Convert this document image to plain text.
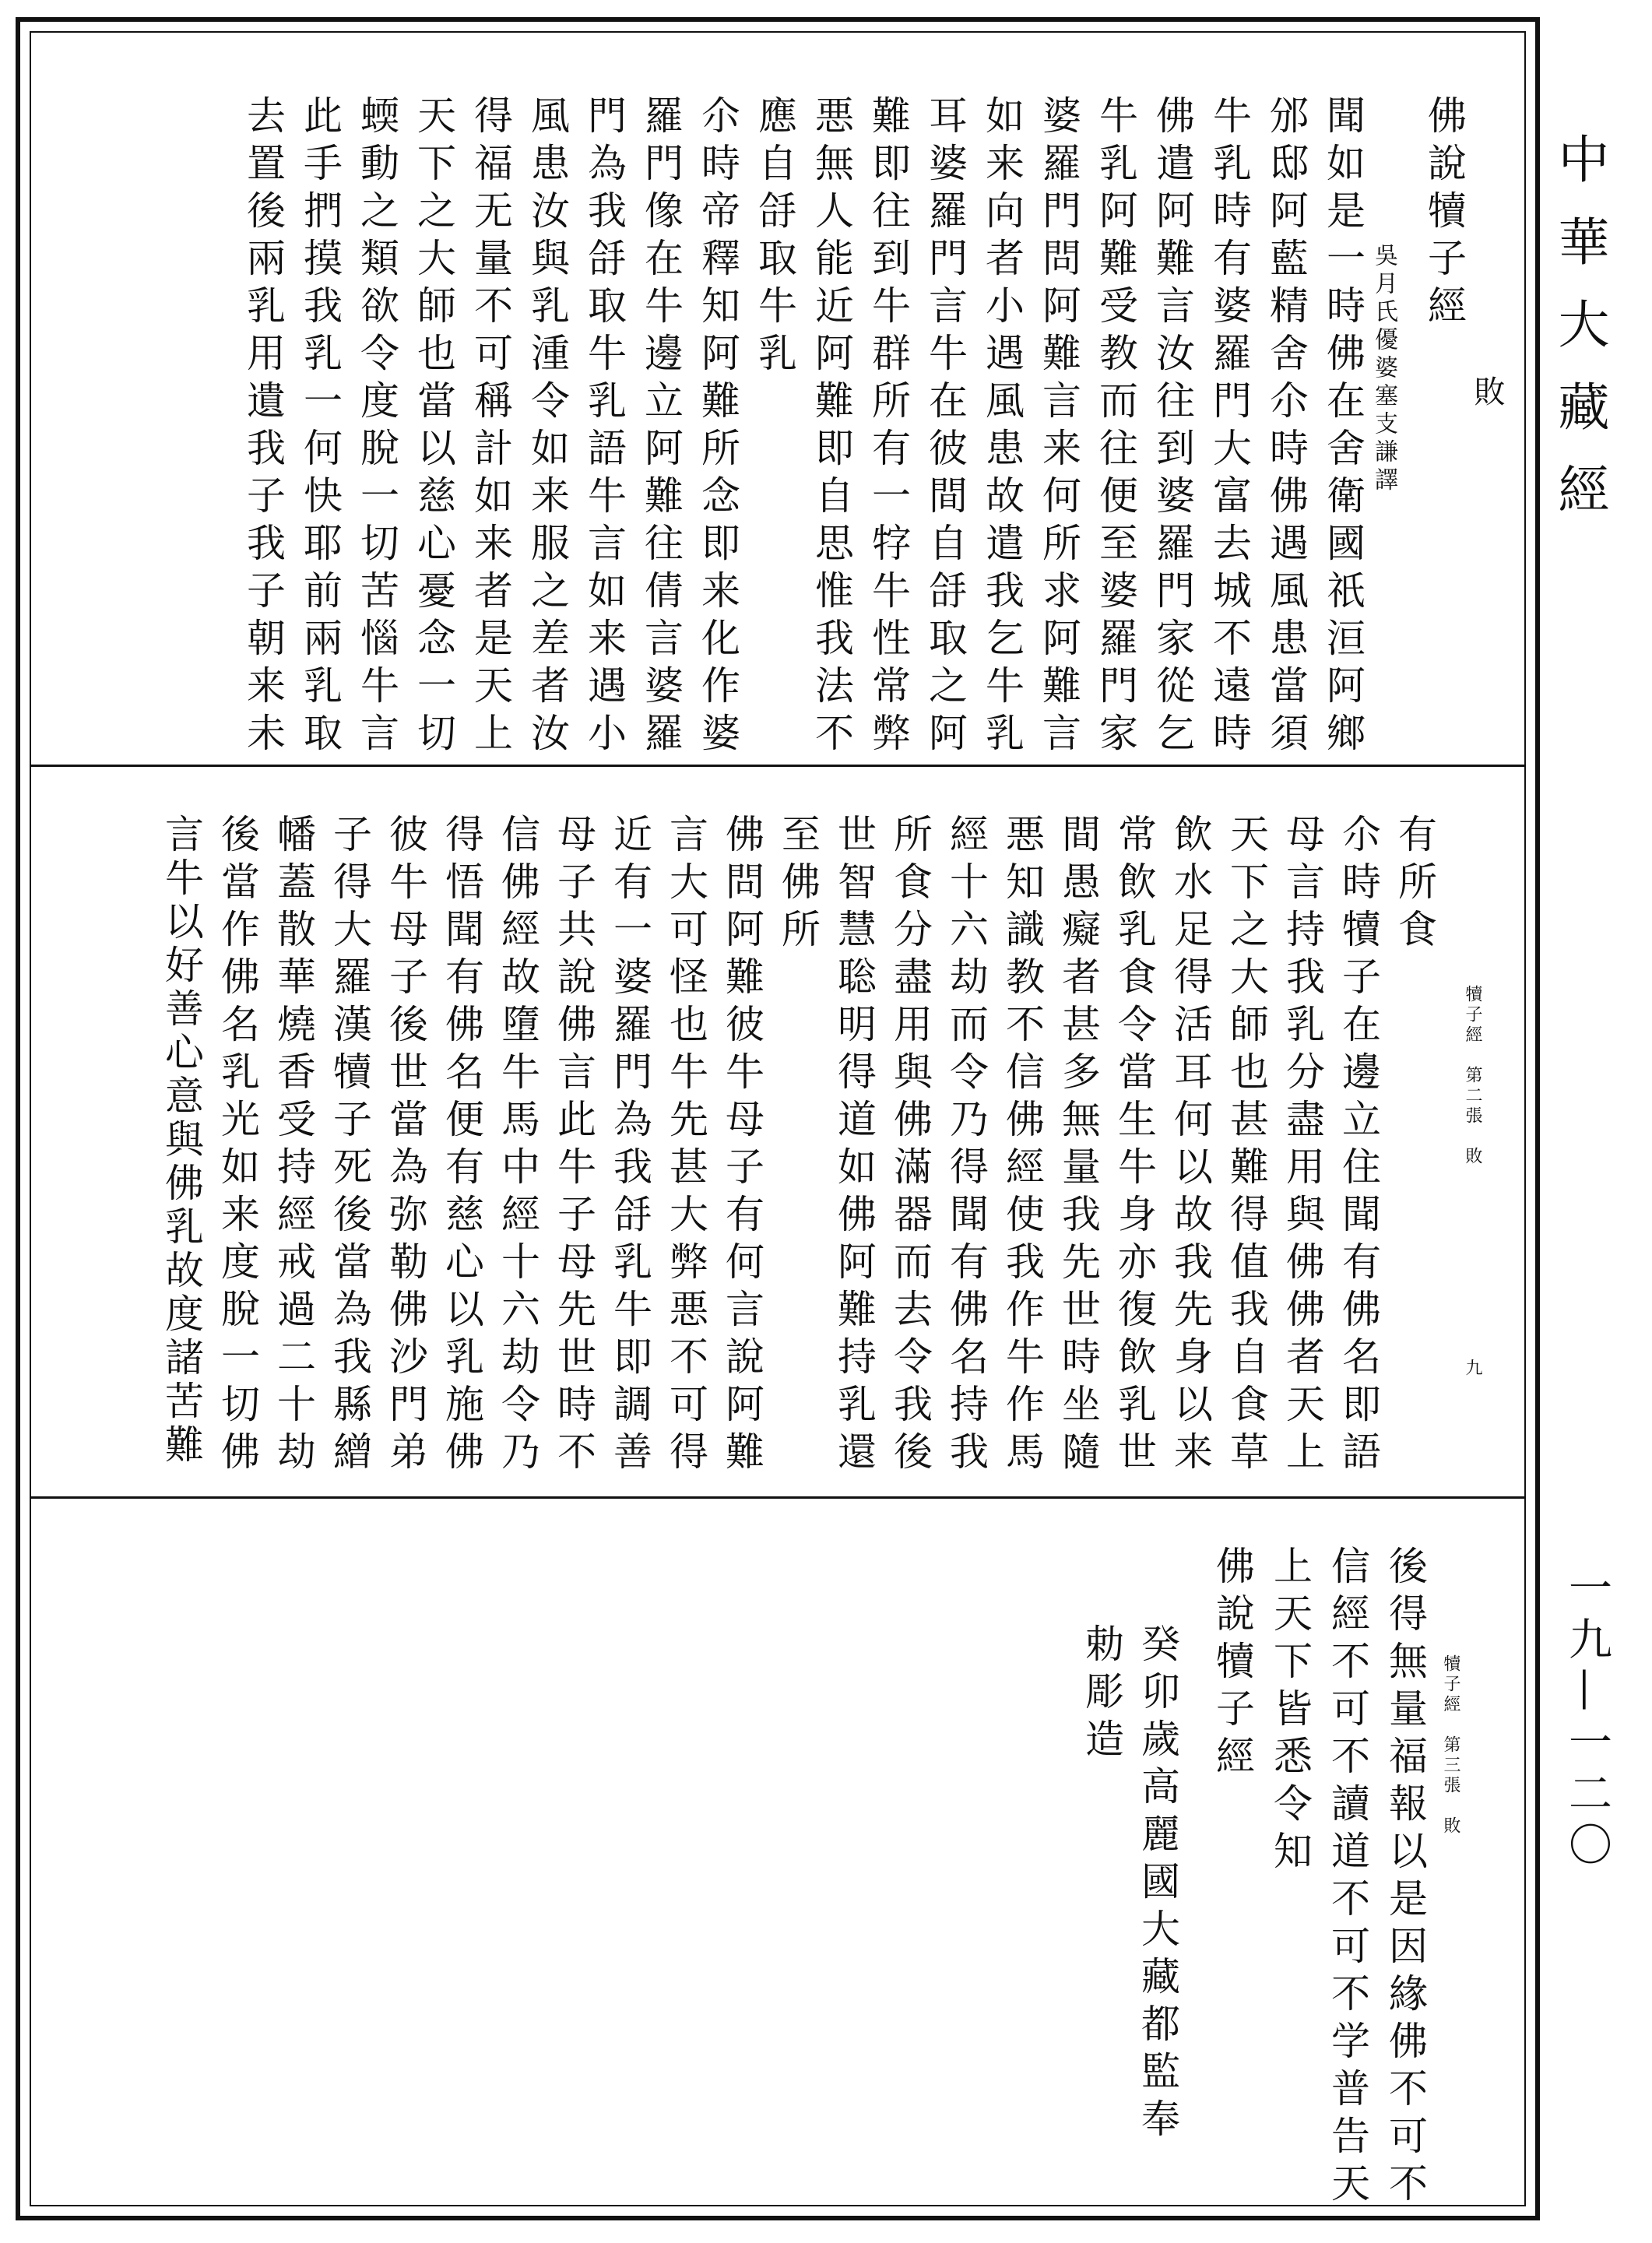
敗
佛說犢子經
吳月氏優婆塞支謙譯
聞如是一時佛在舍衛國祇洹阿鄉
邠邸阿藍精舍尒時佛遇風患當須
牛乳時有婆羅門大富去城不遠時
佛遣阿難言汝往到婆羅門家從乞
牛乳阿難受教而往便至婆羅門家
婆羅門問阿難言来何所求阿難言
如来向者小遇風患故遣我乞牛乳
耳婆羅門言牛在彼間自㧱取之阿
難即往到牛群所有一牸牛性常弊
悪無人能近阿難即自思惟我法不
應自㧱取牛乳
尒時帝釋知阿難所念即来化作婆
羅門像在牛邊立阿難往倩言婆羅
門為我㧱取牛乳語牛言如来遇小
風患汝與乳湩令如来服之差者汝
得福无量不可稱計如来者是天上
天下之大師也當以慈心憂念一切
蝡動之類欲令度脫一切苦惱牛言
此手捫摸我乳一何快耶前兩乳取
去置後兩乳用遺我子我子朝来未
有所食
犢子經　第二張　敗
九
尒時犢子在邊立住聞有佛名即語
母言持我乳分盡用與佛佛者天上
天下之大師也甚難得值我自食草
飲水足得活耳何以故我先身以来
常飲乳食令當生牛身亦復飲乳世
間愚癡者甚多無量我先世時坐隨
悪知識教不信佛經使我作牛作馬
經十六劫而令乃得聞有佛名持我
所食分盡用與佛滿器而去令我後
世智慧聡明得道如佛阿難持乳還
至佛所
佛問阿難彼牛母子有何言說阿難
言大可怪也牛先甚大弊悪不可得
近有一婆羅門為我㧱乳牛即調善
母子共說佛言此牛子母先世時不
信佛經故墮牛馬中經十六劫令乃
得悟聞有佛名便有慈心以乳施佛
彼牛母子後世當為弥勒佛沙門弟
子得大羅漢犢子死後當為我縣繒
幡蓋散華燒香受持經戒過二十劫
後當作佛名乳光如来度脫一切佛
言牛以好善心意與佛乳故度諸苦難
後得無量福報以是因緣佛不可不 犢子經　第三張　敗
信經不可不讀道不可不学普告天
上天下皆悉令知
佛說犢子經
癸卯歲高麗國大藏都監奉
勅彫造
中華大藏經
一九—一二〇
